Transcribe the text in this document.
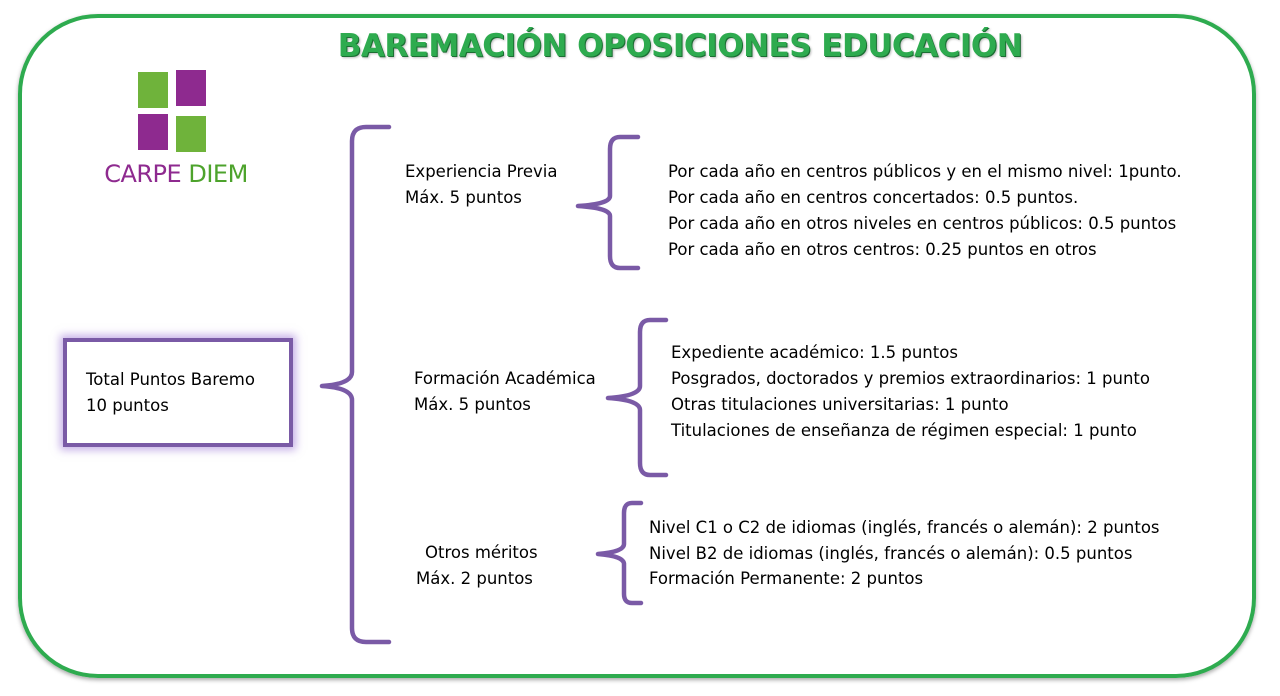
BAREMACIÓN OPOSICIONES EDUCACIÓN
CARPE DIEM
Total Puntos Baremo
10 puntos
Experiencia Previa
Máx. 5 puntos
Por cada año en centros públicos y en el mismo nivel: 1punto.
Por cada año en centros concertados: 0.5 puntos.
Por cada año en otros niveles en centros públicos: 0.5 puntos
Por cada año en otros centros: 0.25 puntos en otros
Formación Académica
Máx. 5 puntos
Expediente académico: 1.5 puntos
Posgrados, doctorados y premios extraordinarios: 1 punto
Otras titulaciones universitarias: 1 punto
Titulaciones de enseñanza de régimen especial: 1 punto
Otros méritos
Máx. 2 puntos
Nivel C1 o C2 de idiomas (inglés, francés o alemán): 2 puntos
Nivel B2 de idiomas (inglés, francés o alemán): 0.5 puntos
Formación Permanente: 2 puntos
